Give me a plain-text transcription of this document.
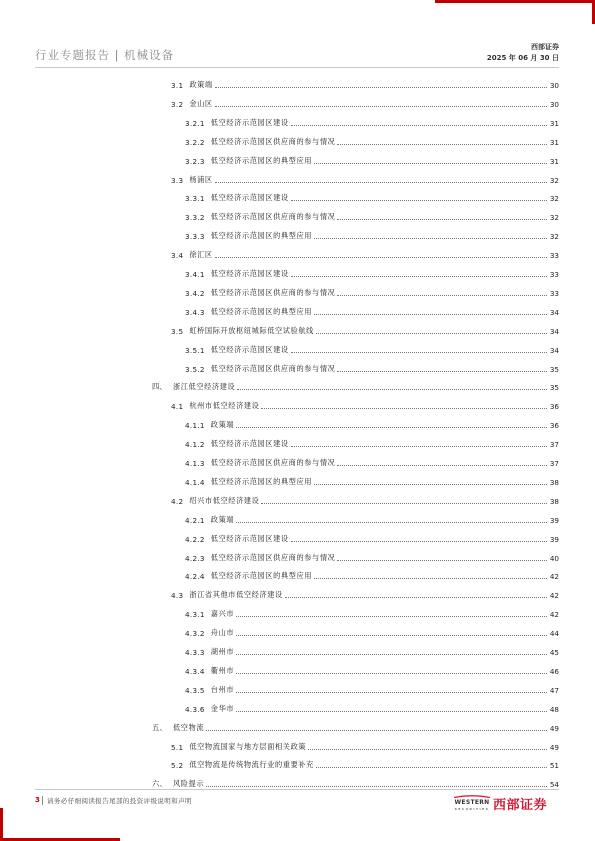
行业专题报告 | 机械设备
西部证券
2025 年 06 月 30 日
3.1 政策端	30
3.2 金山区	30
3.2.1 低空经济示范园区建设	31
3.2.2 低空经济示范园区供应商的参与情况	31
3.2.3 低空经济示范园区的典型应用	31
3.3 杨浦区	32
3.3.1 低空经济示范园区建设	32
3.3.2 低空经济示范园区供应商的参与情况	32
3.3.3 低空经济示范园区的典型应用	32
3.4 徐汇区	33
3.4.1 低空经济示范园区建设	33
3.4.2 低空经济示范园区供应商的参与情况	33
3.4.3 低空经济示范园区的典型应用	34
3.5 虹桥国际开放枢纽城际低空试验航线	34
3.5.1 低空经济示范园区建设	34
3.5.2 低空经济示范园区供应商的参与情况	35
四、 浙江低空经济建设	35
4.1 杭州市低空经济建设	36
4.1.1 政策端	36
4.1.2 低空经济示范园区建设	37
4.1.3 低空经济示范园区供应商的参与情况	37
4.1.4 低空经济示范园区的典型应用	38
4.2 绍兴市低空经济建设	38
4.2.1 政策端	39
4.2.2 低空经济示范园区建设	39
4.2.3 低空经济示范园区供应商的参与情况	40
4.2.4 低空经济示范园区的典型应用	42
4.3 浙江省其他市低空经济建设	42
4.3.1 嘉兴市	42
4.3.2 舟山市	44
4.3.3 湖州市	45
4.3.4 衢州市	46
4.3.5 台州市	47
4.3.6 金华市	48
五、 低空物流	49
5.1 低空物流国家与地方层面相关政策	49
5.2 低空物流是传统物流行业的重要补充	51
六、 风险提示	54
3 请务必仔细阅读报告尾部的投资评级说明和声明	WESTERN
SECURITIES 西部证券
